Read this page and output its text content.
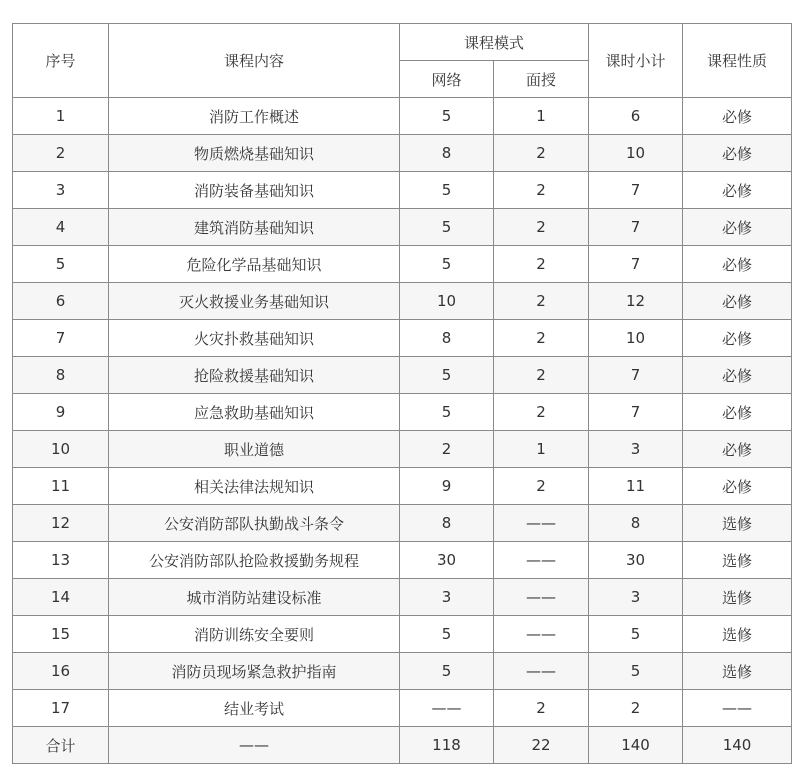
序号	课程内容	课程模式		课时小计	课程性质
		网络	面授		
1	消防工作概述	5	1	6	必修
2	物质燃烧基础知识	8	2	10	必修
3	消防装备基础知识	5	2	7	必修
4	建筑消防基础知识	5	2	7	必修
5	危险化学品基础知识	5	2	7	必修
6	灭火救援业务基础知识	10	2	12	必修
7	火灾扑救基础知识	8	2	10	必修
8	抢险救援基础知识	5	2	7	必修
9	应急救助基础知识	5	2	7	必修
10	职业道德	2	1	3	必修
11	相关法律法规知识	9	2	11	必修
12	公安消防部队执勤战斗条令	8	——	8	选修
13	公安消防部队抢险救援勤务规程	30	——	30	选修
14	城市消防站建设标准	3	——	3	选修
15	消防训练安全要则	5	——	5	选修
16	消防员现场紧急救护指南	5	——	5	选修
17	结业考试	——	2	2	——
合计	——	118	22	140	140
